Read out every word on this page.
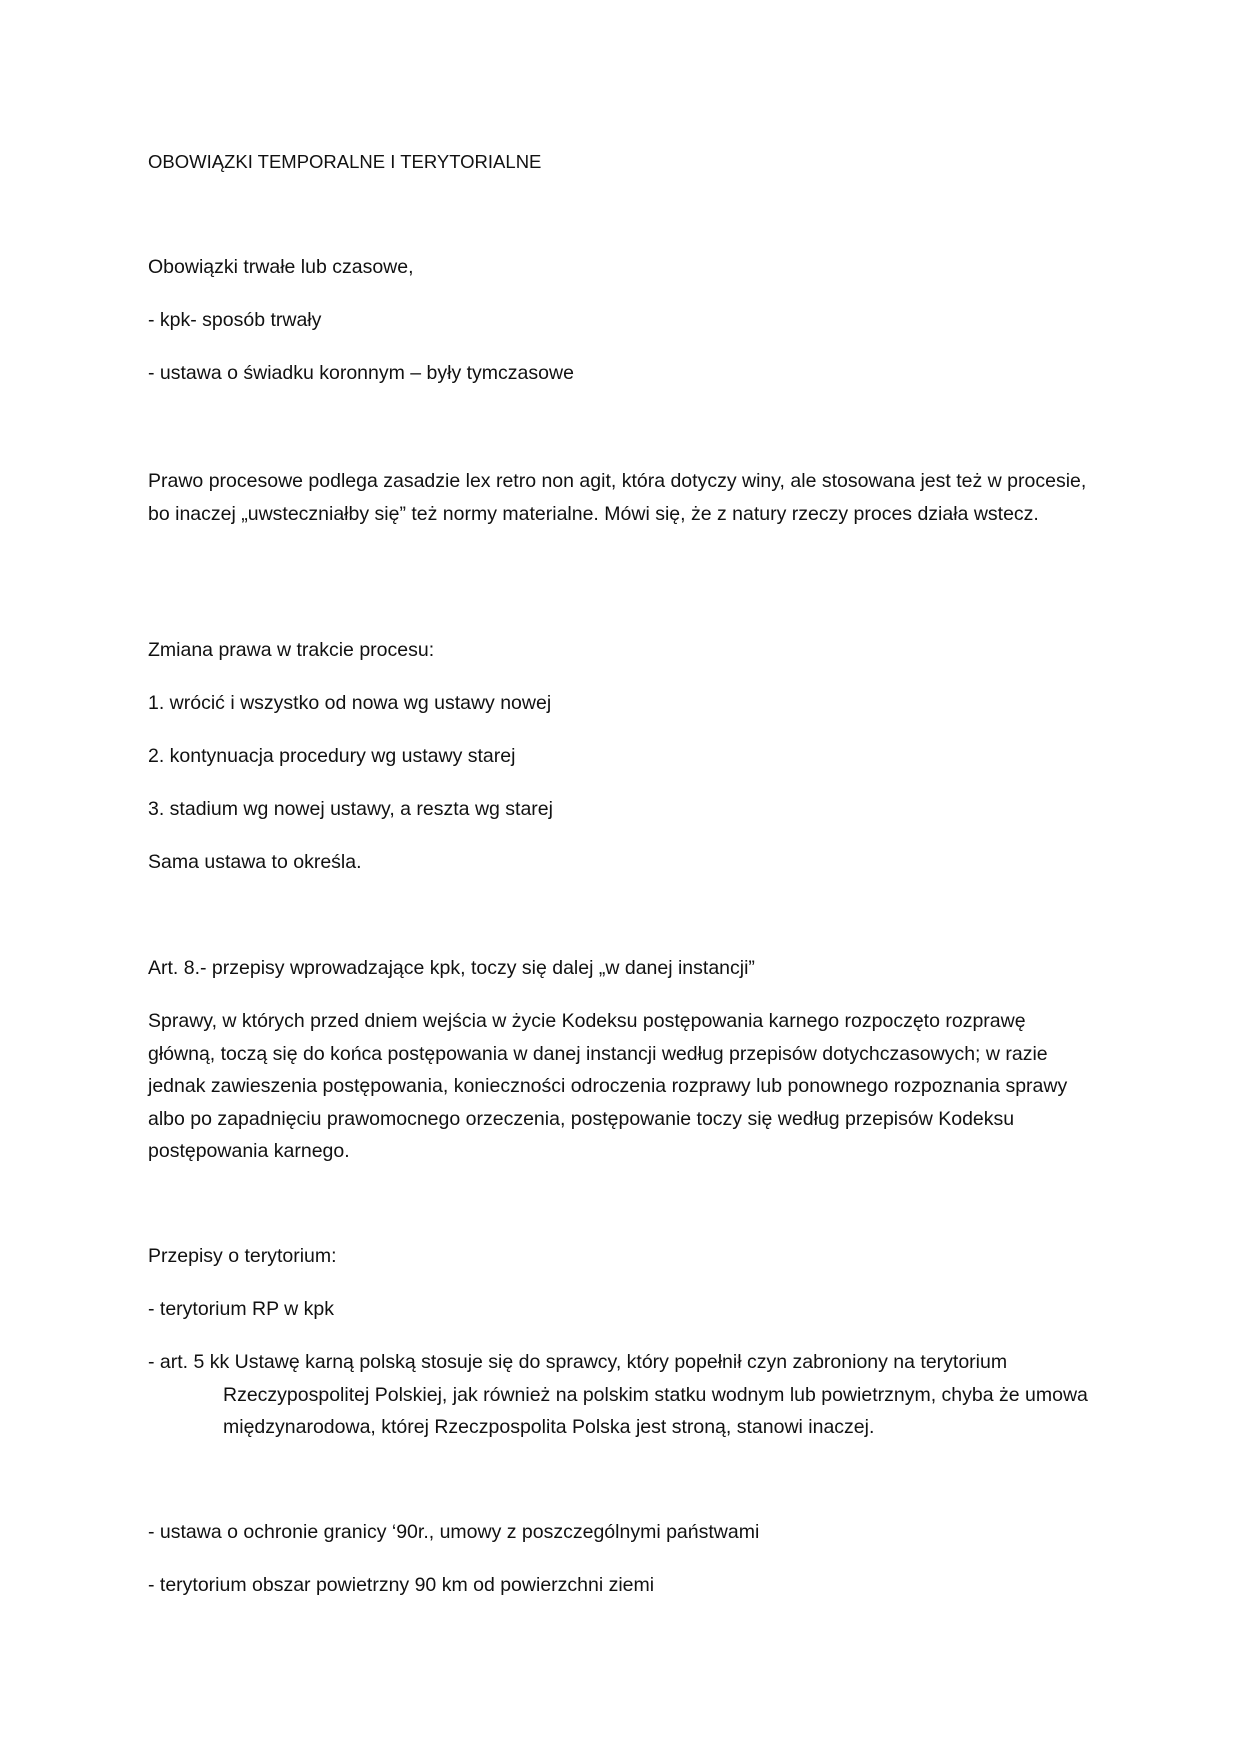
OBOWIĄZKI TEMPORALNE I TERYTORIALNE

Obowiązki trwałe lub czasowe,

- kpk- sposób trwały

- ustawa o świadku koronnym – były tymczasowe

Prawo procesowe podlega zasadzie lex retro non agit, która dotyczy winy, ale stosowana jest też w procesie, bo inaczej „uwsteczniałby się” też normy materialne. Mówi się, że z natury rzeczy proces działa wstecz.

Zmiana prawa w trakcie procesu:

1. wrócić i wszystko od nowa wg ustawy nowej

2. kontynuacja procedury wg ustawy starej

3. stadium wg nowej ustawy, a reszta wg starej

Sama ustawa to określa.

Art. 8.- przepisy wprowadzające kpk, toczy się dalej „w danej instancji”

Sprawy, w których przed dniem wejścia w życie Kodeksu postępowania karnego rozpoczęto rozprawę główną, toczą się do końca postępowania w danej instancji według przepisów dotychczasowych; w razie jednak zawieszenia postępowania, konieczności odroczenia rozprawy lub ponownego rozpoznania sprawy albo po zapadnięciu prawomocnego orzeczenia, postępowanie toczy się według przepisów Kodeksu postępowania karnego.

Przepisy o terytorium:

- terytorium RP w kpk

- art. 5 kk Ustawę karną polską stosuje się do sprawcy, który popełnił czyn zabroniony na terytorium Rzeczypospolitej Polskiej, jak również na polskim statku wodnym lub powietrznym, chyba że umowa międzynarodowa, której Rzeczpospolita Polska jest stroną, stanowi inaczej.

- ustawa o ochronie granicy ‘90r., umowy z poszczególnymi państwami

- terytorium obszar powietrzny 90 km od powierzchni ziemi
